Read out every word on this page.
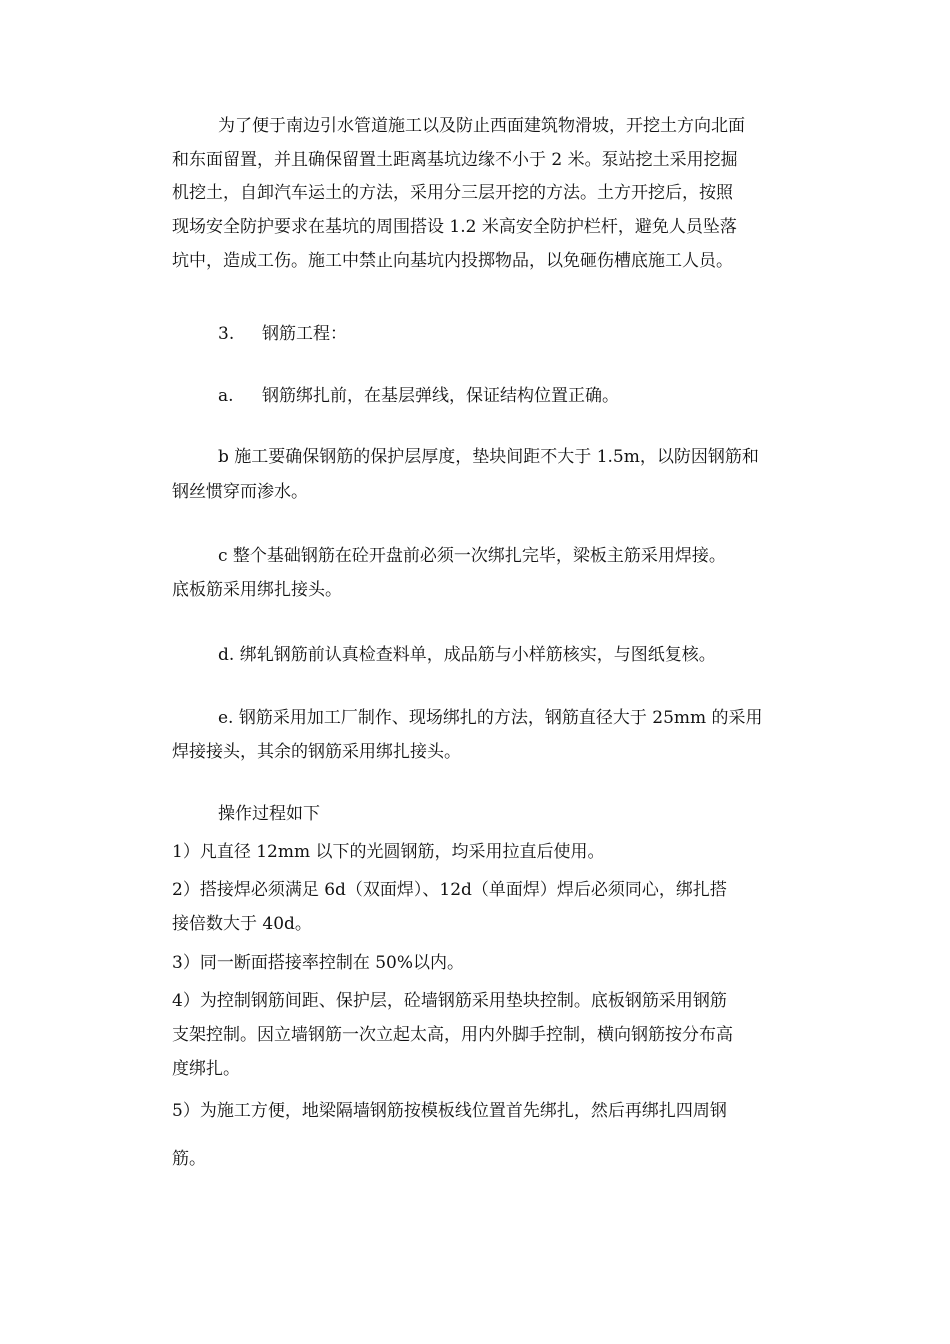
为了便于南边引水管道施工以及防止西面建筑物滑坡，开挖土方向北面
和东面留置，并且确保留置土距离基坑边缘不小于 2 米。泵站挖土采用挖掘
机挖土，自卸汽车运土的方法，采用分三层开挖的方法。土方开挖后，按照
现场安全防护要求在基坑的周围搭设 1.2 米高安全防护栏杆，避免人员坠落
坑中，造成工伤。施工中禁止向基坑内投掷物品，以免砸伤槽底施工人员。
3. 钢筋工程：
a. 钢筋绑扎前，在基层弹线，保证结构位置正确。
b 施工要确保钢筋的保护层厚度，垫块间距不大于 1.5m，以防因钢筋和
钢丝惯穿而渗水。
c 整个基础钢筋在砼开盘前必须一次绑扎完毕，梁板主筋采用焊接。
底板筋采用绑扎接头。
d. 绑轧钢筋前认真检查料单，成品筋与小样筋核实，与图纸复核。
e. 钢筋采用加工厂制作、现场绑扎的方法，钢筋直径大于 25mm 的采用
焊接接头，其余的钢筋采用绑扎接头。
操作过程如下
1）凡直径 12mm 以下的光圆钢筋，均采用拉直后使用。
2）搭接焊必须满足 6d（双面焊）、12d（单面焊）焊后必须同心，绑扎搭
接倍数大于 40d。
3）同一断面搭接率控制在 50%以内。
4）为控制钢筋间距、保护层，砼墙钢筋采用垫块控制。底板钢筋采用钢筋
支架控制。因立墙钢筋一次立起太高，用内外脚手控制，横向钢筋按分布高
度绑扎。
5）为施工方便，地梁隔墙钢筋按模板线位置首先绑扎，然后再绑扎四周钢
筋。
